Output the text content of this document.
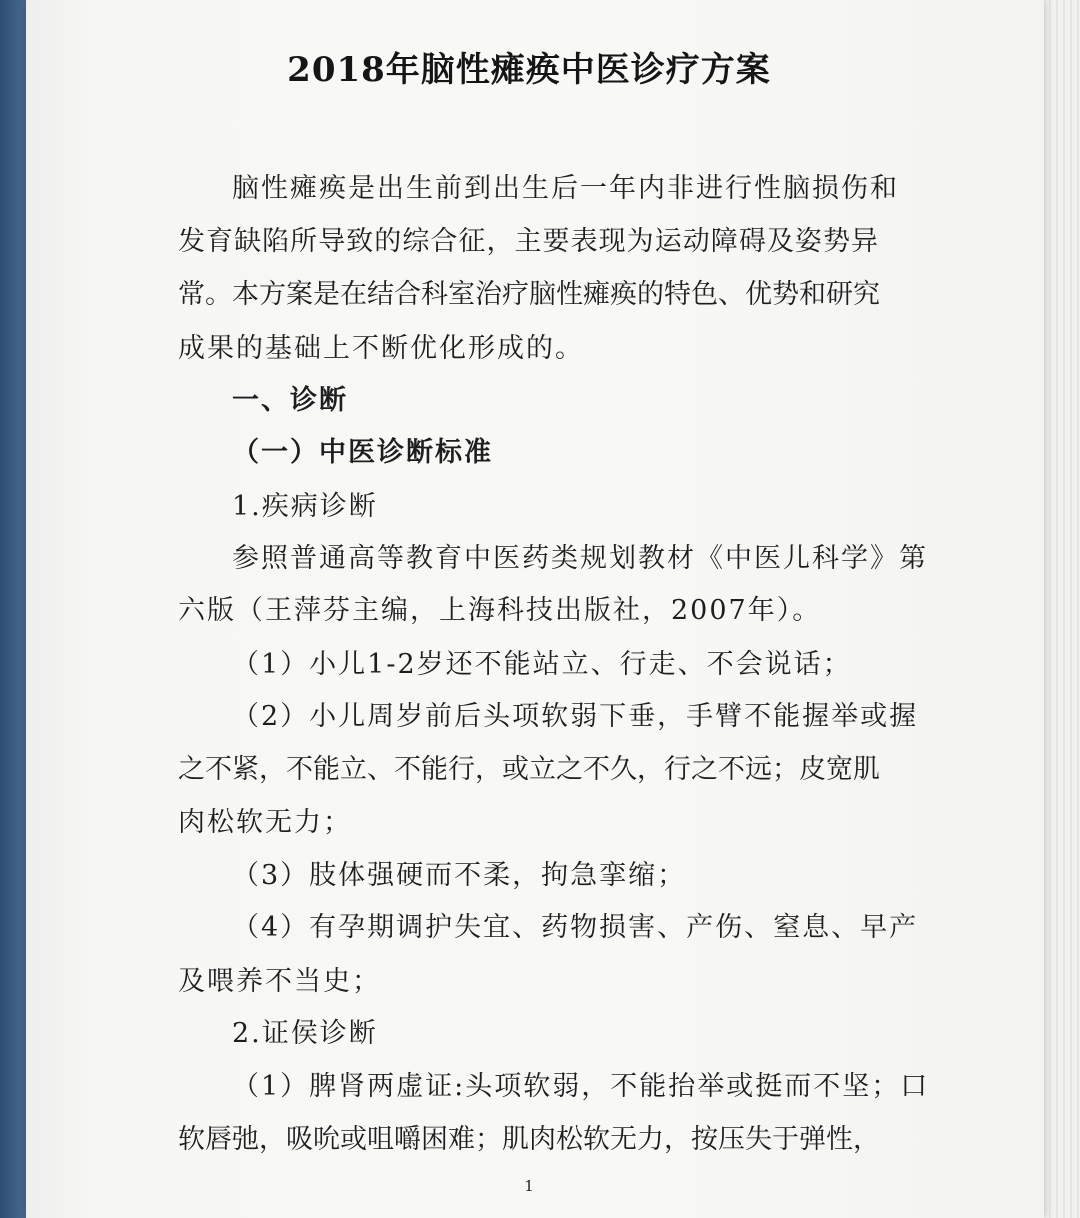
2018年脑性瘫痪中医诊疗方案
脑性瘫痪是出生前到出生后一年内非进行性脑损伤和
发育缺陷所导致的综合征，主要表现为运动障碍及姿势异
常。本方案是在结合科室治疗脑性瘫痪的特色、优势和研究
成果的基础上不断优化形成的。
一、诊断
（一）中医诊断标准
1.疾病诊断
参照普通高等教育中医药类规划教材《中医儿科学》第
六版（王萍芬主编，上海科技出版社，2007年）。
（1）小儿1-2岁还不能站立、行走、不会说话；
（2）小儿周岁前后头项软弱下垂，手臂不能握举或握
之不紧，不能立、不能行，或立之不久，行之不远；皮宽肌
肉松软无力；
（3）肢体强硬而不柔，拘急挛缩；
（4）有孕期调护失宜、药物损害、产伤、窒息、早产
及喂养不当史；
2.证侯诊断
（1）脾肾两虚证:头项软弱，不能抬举或挺而不坚；口
软唇弛，吸吮或咀嚼困难；肌肉松软无力，按压失于弹性，
1
